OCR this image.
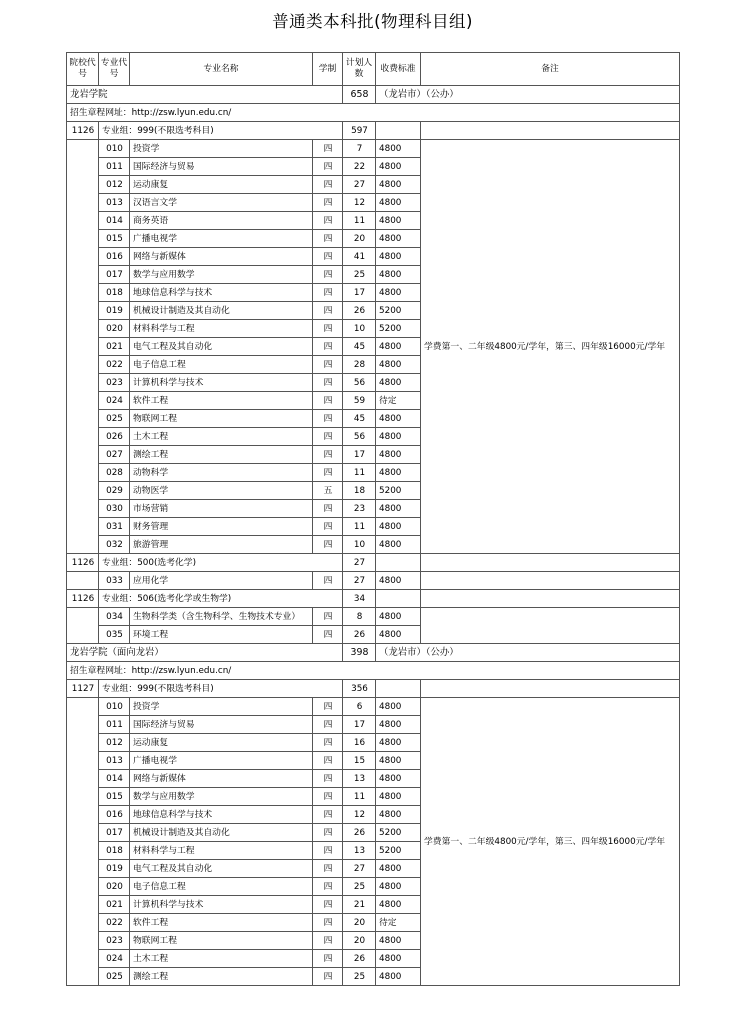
普通类本科批(物理科目组)
院校代号	专业代号	专业名称	学制	计划人数	收费标准	备注
龙岩学院				658	（龙岩市）（公办）	
招生章程网址：http://zsw.lyun.edu.cn/						
1126	专业组：999(不限选考科目)			597		
	010	投资学	四	7	4800	学费第一、二年级4800元/学年，第三、四年级16000元/学年
	011	国际经济与贸易	四	22	4800	
	012	运动康复	四	27	4800	
	013	汉语言文学	四	12	4800	
	014	商务英语	四	11	4800	
	015	广播电视学	四	20	4800	
	016	网络与新媒体	四	41	4800	
	017	数学与应用数学	四	25	4800	
	018	地球信息科学与技术	四	17	4800	
	019	机械设计制造及其自动化	四	26	5200	
	020	材料科学与工程	四	10	5200	
	021	电气工程及其自动化	四	45	4800	
	022	电子信息工程	四	28	4800	
	023	计算机科学与技术	四	56	4800	
	024	软件工程	四	59	待定	
	025	物联网工程	四	45	4800	
	026	土木工程	四	56	4800	
	027	测绘工程	四	17	4800	
	028	动物科学	四	11	4800	
	029	动物医学	五	18	5200	
	030	市场营销	四	23	4800	
	031	财务管理	四	11	4800	
	032	旅游管理	四	10	4800	
1126	专业组：500(选考化学)			27		
	033	应用化学	四	27	4800	
1126	专业组：506(选考化学或生物学)			34		
	034	生物科学类（含生物科学、生物技术专业）	四	8	4800	
	035	环境工程	四	26	4800	
龙岩学院（面向龙岩）				398	（龙岩市）（公办）	
招生章程网址：http://zsw.lyun.edu.cn/						
1127	专业组：999(不限选考科目)			356		
	010	投资学	四	6	4800	学费第一、二年级4800元/学年，第三、四年级16000元/学年
	011	国际经济与贸易	四	17	4800	
	012	运动康复	四	16	4800	
	013	广播电视学	四	15	4800	
	014	网络与新媒体	四	13	4800	
	015	数学与应用数学	四	11	4800	
	016	地球信息科学与技术	四	12	4800	
	017	机械设计制造及其自动化	四	26	5200	
	018	材料科学与工程	四	13	5200	
	019	电气工程及其自动化	四	27	4800	
	020	电子信息工程	四	25	4800	
	021	计算机科学与技术	四	21	4800	
	022	软件工程	四	20	待定	
	023	物联网工程	四	20	4800	
	024	土木工程	四	26	4800	
	025	测绘工程	四	25	4800	
